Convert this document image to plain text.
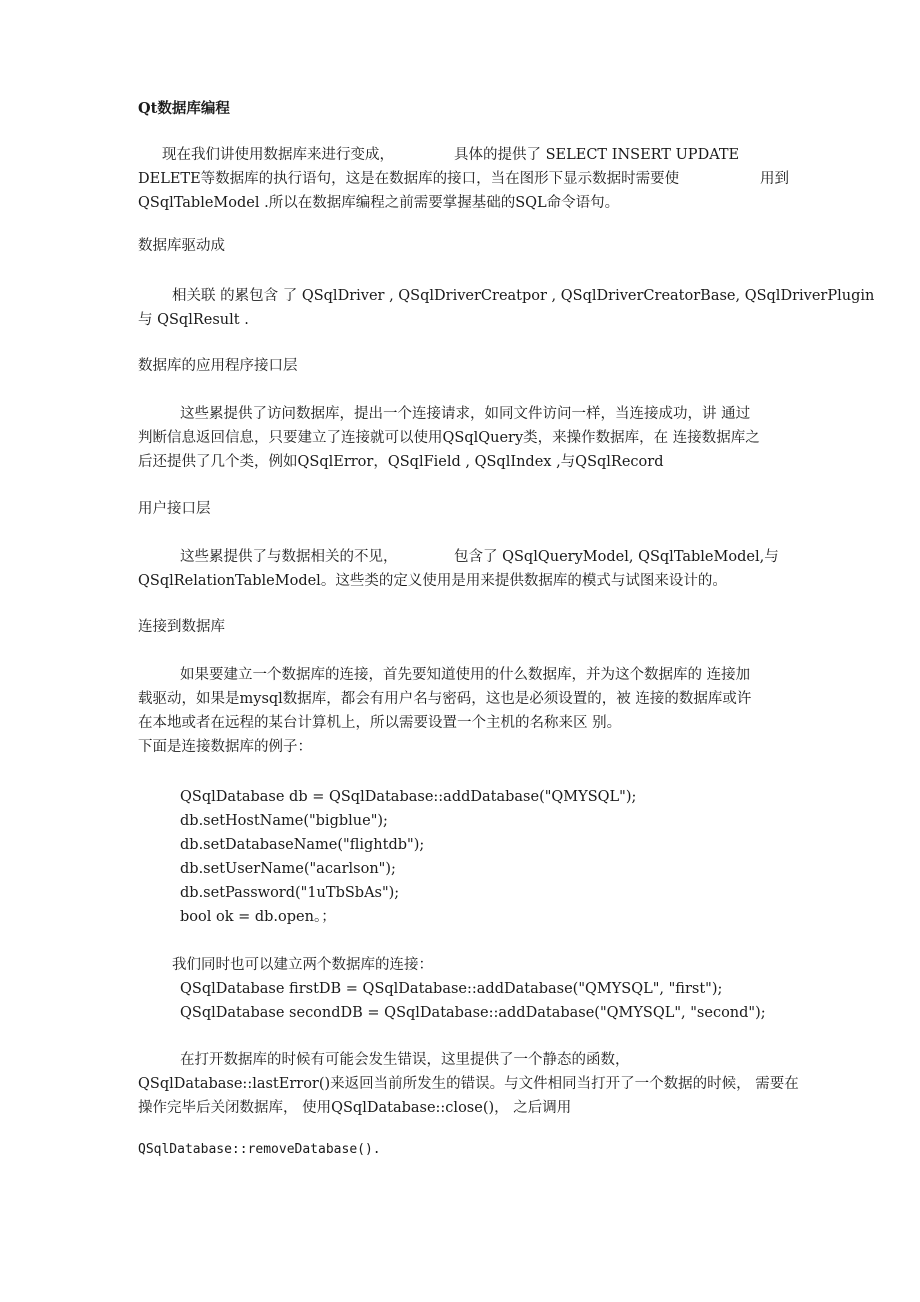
Qt数据库编程
现在我们讲使用数据库来进行变成，	具体的提供了 SELECT INSERT UPDATE
DELETE等数据库的执行语句，这是在数据库的接口，当在图形下显示数据时需要使	用到
QSqlTableModel .所以在数据库编程之前需要掌握基础的SQL命令语句。
数据库驱动成
相关联 的累包含 了 QSqlDriver , QSqlDriverCreatpor , QSqlDriverCreatorBase, QSqlDriverPlugin
与 QSqlResult .
数据库的应用程序接口层
这些累提供了访问数据库，提出一个连接请求，如同文件访问一样，当连接成功，讲 通过
判断信息返回信息，只要建立了连接就可以使用QSqlQuery类，来操作数据库，在 连接数据库之
后还提供了几个类，例如QSqlError，QSqlField , QSqlIndex ,与QSqlRecord
用户接口层
这些累提供了与数据相关的不见，	包含了 QSqlQueryModel, QSqlTableModel,与
QSqlRelationTableModel。这些类的定义使用是用来提供数据库的模式与试图来设计的。
连接到数据库
如果要建立一个数据库的连接，首先要知道使用的什么数据库，并为这个数据库的 连接加
载驱动，如果是mysql数据库，都会有用户名与密码，这也是必须设置的，被 连接的数据库或许
在本地或者在远程的某台计算机上，所以需要设置一个主机的名称来区 别。
下面是连接数据库的例子：
QSqlDatabase db = QSqlDatabase::addDatabase("QMYSQL");
db.setHostName("bigblue");
db.setDatabaseName("flightdb");
db.setUserName("acarlson");
db.setPassword("1uTbSbAs");
bool ok = db.open。；
我们同时也可以建立两个数据库的连接：
QSqlDatabase firstDB = QSqlDatabase::addDatabase("QMYSQL", "first");
QSqlDatabase secondDB = QSqlDatabase::addDatabase("QMYSQL", "second");
在打开数据库的时候有可能会发生错误，这里提供了一个静态的函数，
QSqlDatabase::lastError()来返回当前所发生的错误。与文件相同当打开了一个数据的时候， 需要在
操作完毕后关闭数据库， 使用QSqlDatabase::close()， 之后调用
QSqlDatabase::removeDatabase().
